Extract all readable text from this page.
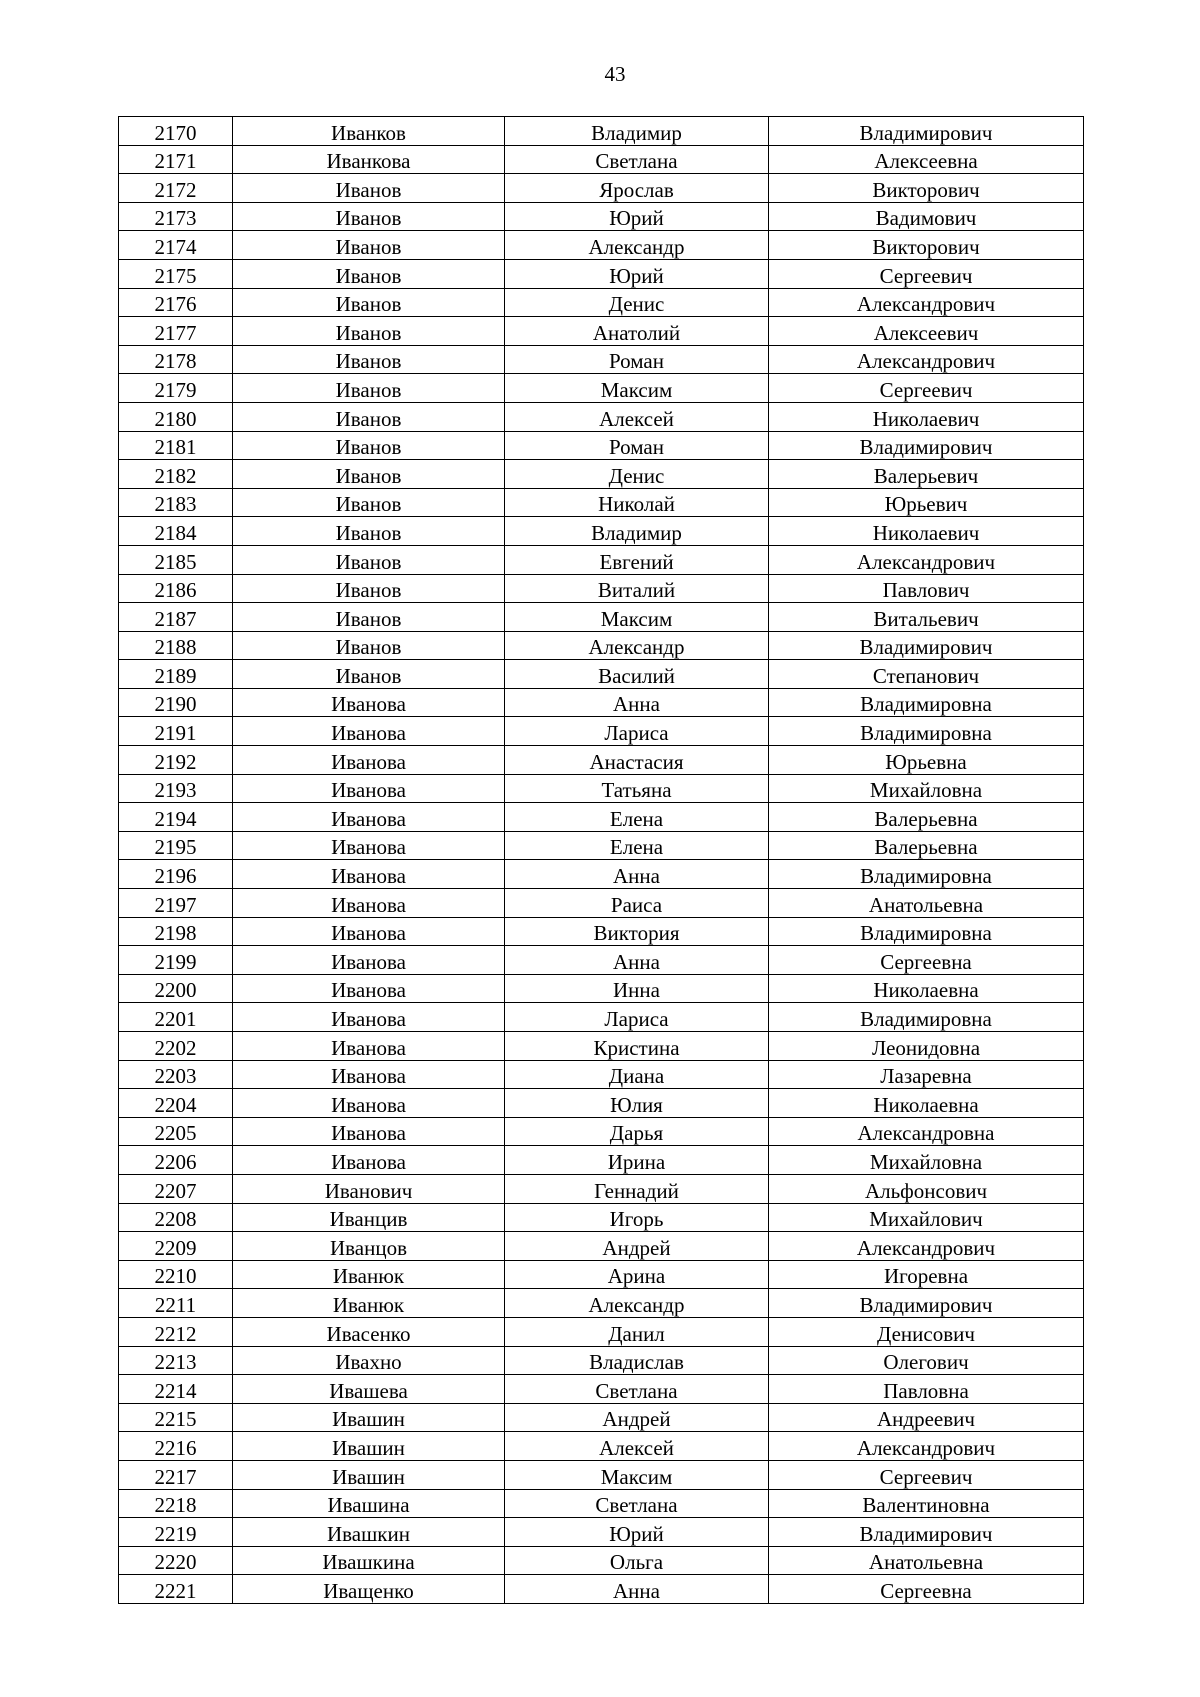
43
2170	Иванков	Владимир	Владимирович
2171	Иванкова	Светлана	Алексеевна
2172	Иванов	Ярослав	Викторович
2173	Иванов	Юрий	Вадимович
2174	Иванов	Александр	Викторович
2175	Иванов	Юрий	Сергеевич
2176	Иванов	Денис	Александрович
2177	Иванов	Анатолий	Алексеевич
2178	Иванов	Роман	Александрович
2179	Иванов	Максим	Сергеевич
2180	Иванов	Алексей	Николаевич
2181	Иванов	Роман	Владимирович
2182	Иванов	Денис	Валерьевич
2183	Иванов	Николай	Юрьевич
2184	Иванов	Владимир	Николаевич
2185	Иванов	Евгений	Александрович
2186	Иванов	Виталий	Павлович
2187	Иванов	Максим	Витальевич
2188	Иванов	Александр	Владимирович
2189	Иванов	Василий	Степанович
2190	Иванова	Анна	Владимировна
2191	Иванова	Лариса	Владимировна
2192	Иванова	Анастасия	Юрьевна
2193	Иванова	Татьяна	Михайловна
2194	Иванова	Елена	Валерьевна
2195	Иванова	Елена	Валерьевна
2196	Иванова	Анна	Владимировна
2197	Иванова	Раиса	Анатольевна
2198	Иванова	Виктория	Владимировна
2199	Иванова	Анна	Сергеевна
2200	Иванова	Инна	Николаевна
2201	Иванова	Лариса	Владимировна
2202	Иванова	Кристина	Леонидовна
2203	Иванова	Диана	Лазаревна
2204	Иванова	Юлия	Николаевна
2205	Иванова	Дарья	Александровна
2206	Иванова	Ирина	Михайловна
2207	Иванович	Геннадий	Альфонсович
2208	Иванцив	Игорь	Михайлович
2209	Иванцов	Андрей	Александрович
2210	Иванюк	Арина	Игоревна
2211	Иванюк	Александр	Владимирович
2212	Ивасенко	Данил	Денисович
2213	Ивахно	Владислав	Олегович
2214	Ивашева	Светлана	Павловна
2215	Ивашин	Андрей	Андреевич
2216	Ивашин	Алексей	Александрович
2217	Ивашин	Максим	Сергеевич
2218	Ивашина	Светлана	Валентиновна
2219	Ивашкин	Юрий	Владимирович
2220	Ивашкина	Ольга	Анатольевна
2221	Иващенко	Анна	Сергеевна
